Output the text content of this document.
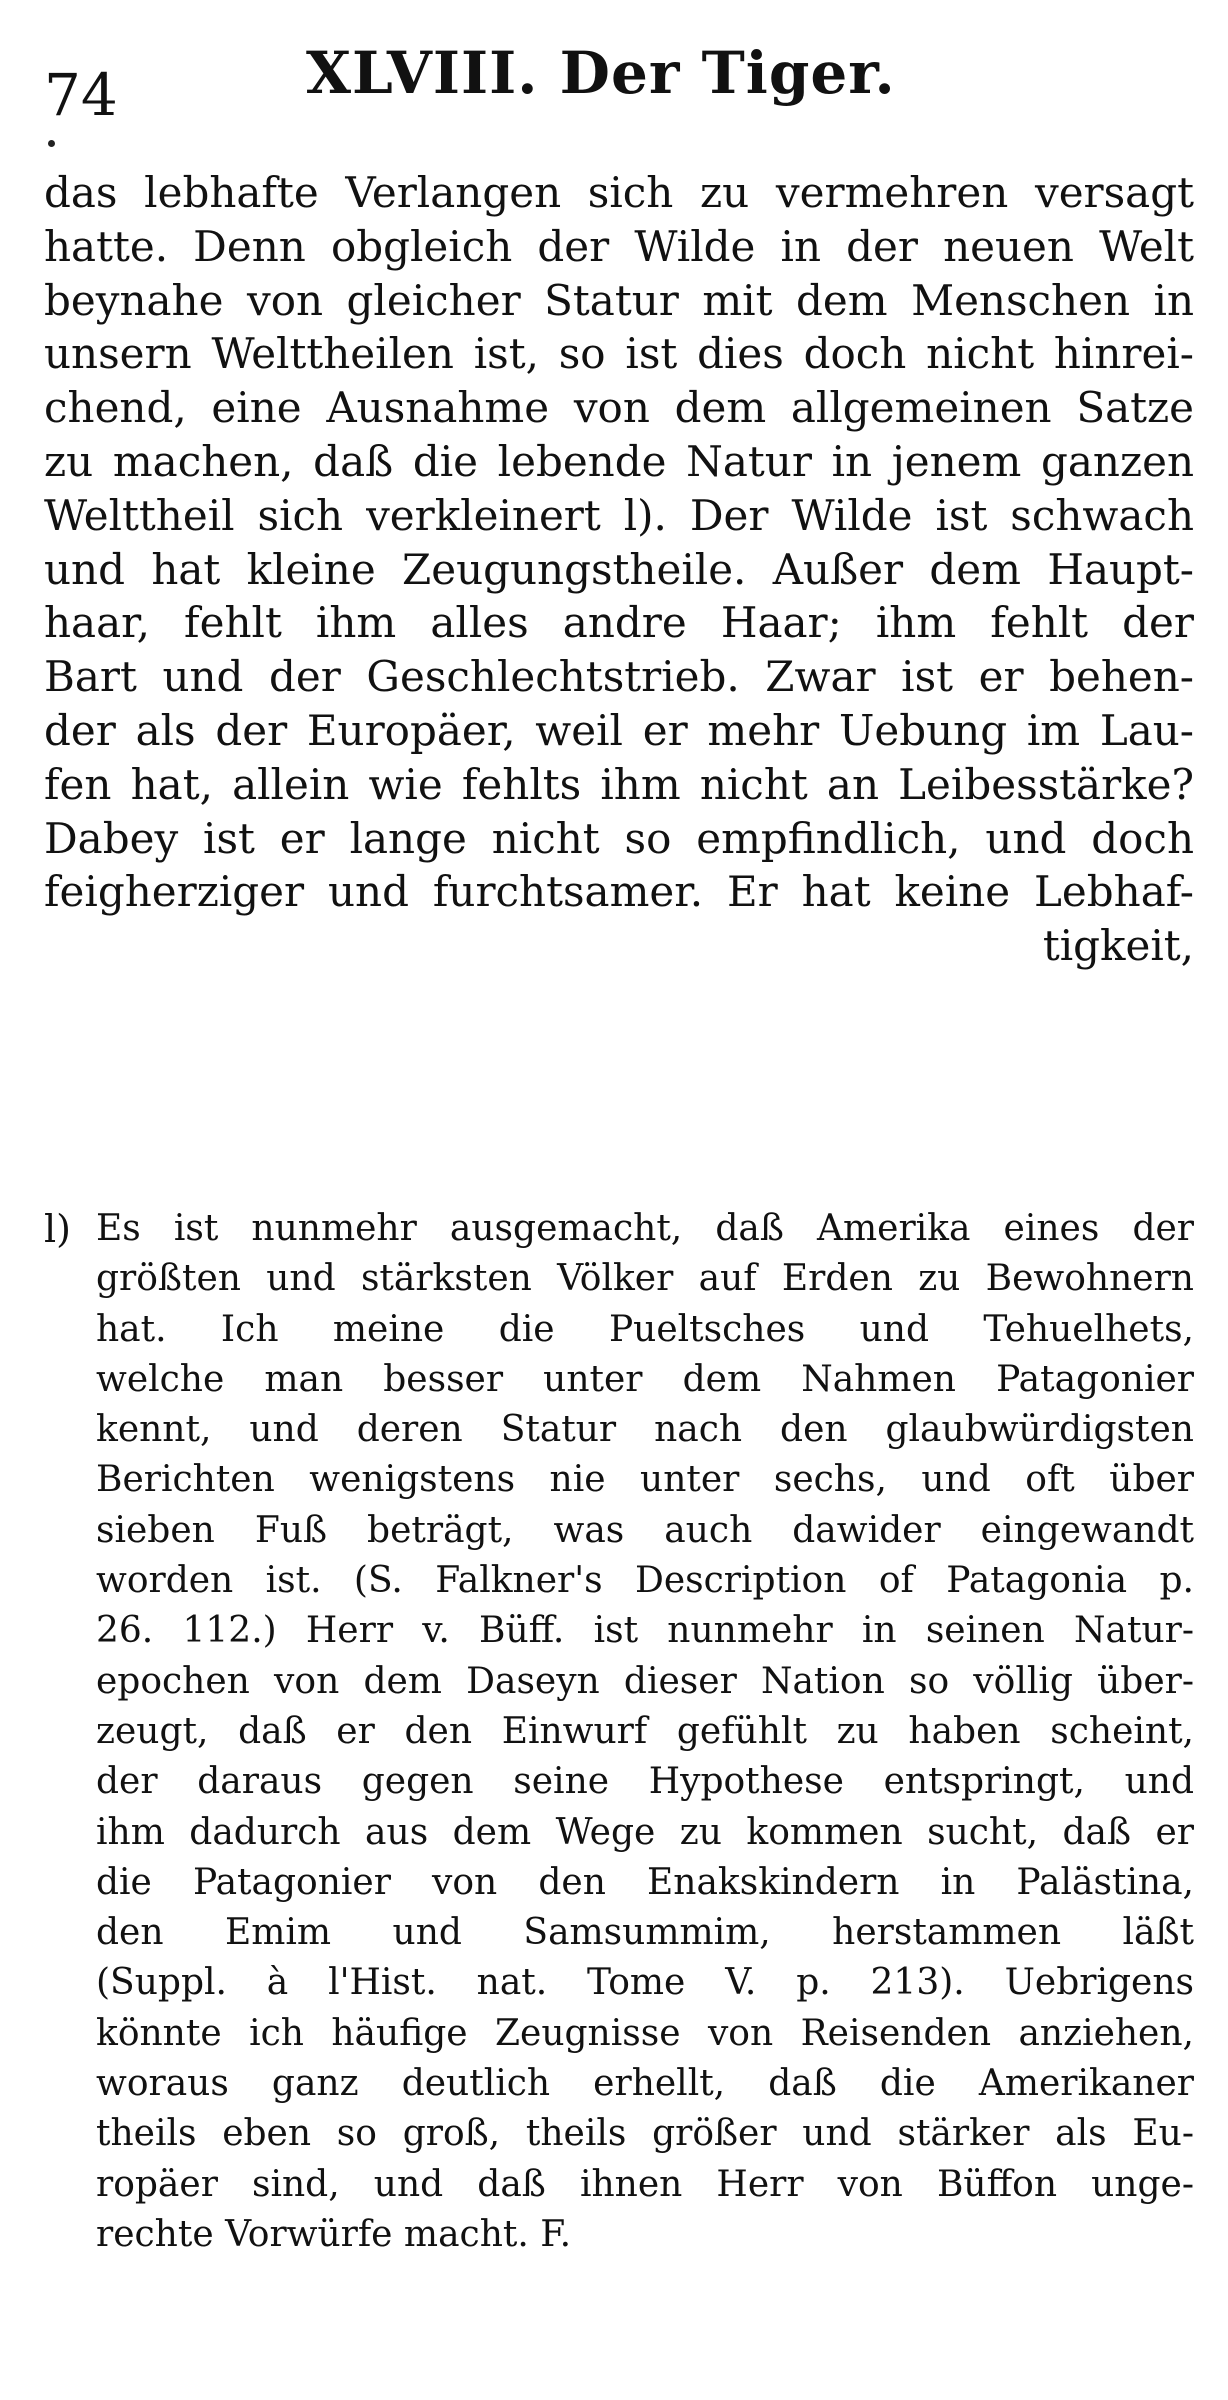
74	XLVIII. Der Tiger.
das lebhafte Verlangen sich zu vermehren versagt
hatte. Denn obgleich der Wilde in der neuen Welt
beynahe von gleicher Statur mit dem Menschen in
unsern Welttheilen ist, so ist dies doch nicht hinrei-
chend, eine Ausnahme von dem allgemeinen Satze
zu machen, daß die lebende Natur in jenem ganzen
Welttheil sich verkleinert l). Der Wilde ist schwach
und hat kleine Zeugungstheile. Außer dem Haupt-
haar, fehlt ihm alles andre Haar; ihm fehlt der
Bart und der Geschlechtstrieb. Zwar ist er behen-
der als der Europäer, weil er mehr Uebung im Lau-
fen hat, allein wie fehlts ihm nicht an Leibesstärke?
Dabey ist er lange nicht so empfindlich, und doch
feigherziger und furchtsamer. Er hat keine Lebhaf-
tigkeit,
l) Es ist nunmehr ausgemacht, daß Amerika eines der
größten und stärksten Völker auf Erden zu Bewohnern
hat. Ich meine die Pueltsches und Tehuelhets,
welche man besser unter dem Nahmen Patagonier
kennt, und deren Statur nach den glaubwürdigsten
Berichten wenigstens nie unter sechs, und oft über
sieben Fuß beträgt, was auch dawider eingewandt
worden ist. (S. Falkner's Description of Patagonia p.
26. 112.) Herr v. Büff. ist nunmehr in seinen Natur-
epochen von dem Daseyn dieser Nation so völlig über-
zeugt, daß er den Einwurf gefühlt zu haben scheint,
der daraus gegen seine Hypothese entspringt, und
ihm dadurch aus dem Wege zu kommen sucht, daß er
die Patagonier von den Enakskindern in Palästina,
den Emim und Samsummim, herstammen läßt
(Suppl. à l'Hist. nat. Tome V. p. 213). Uebrigens
könnte ich häufige Zeugnisse von Reisenden anziehen,
woraus ganz deutlich erhellt, daß die Amerikaner
theils eben so groß, theils größer und stärker als Eu-
ropäer sind, und daß ihnen Herr von Büffon unge-
rechte Vorwürfe macht. F.
